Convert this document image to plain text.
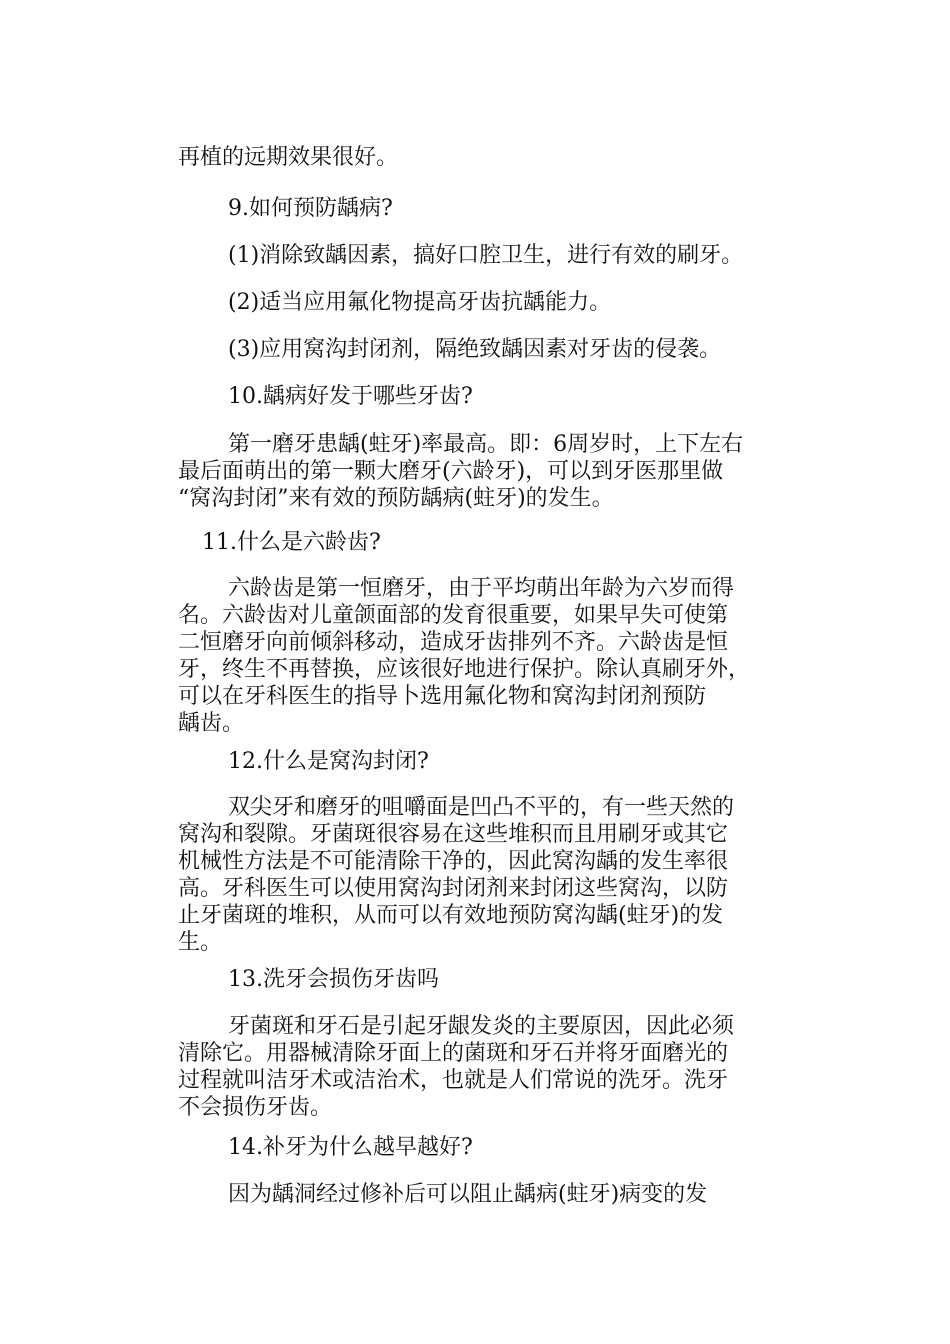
再植的远期效果很好。
9.如何预防龋病?
(1)消除致龋因素，搞好口腔卫生，进行有效的刷牙。
(2)适当应用氟化物提高牙齿抗龋能力。
(3)应用窝沟封闭剂，隔绝致龋因素对牙齿的侵袭。
10.龋病好发于哪些牙齿?
第一磨牙患龋(蛀牙)率最高。即：6周岁时，上下左右
最后面萌出的第一颗大磨牙(六龄牙)，可以到牙医那里做
“窝沟封闭”来有效的预防龋病(蛀牙)的发生。
11.什么是六龄齿?
六龄齿是第一恒磨牙，由于平均萌出年龄为六岁而得
名。六龄齿对儿童颌面部的发育很重要，如果早失可使第
二恒磨牙向前倾斜移动，造成牙齿排列不齐。六龄齿是恒
牙，终生不再替换，应该很好地进行保护。除认真刷牙外，
可以在牙科医生的指导卜选用氟化物和窝沟封闭剂预防
龋齿。
12.什么是窝沟封闭?
双尖牙和磨牙的咀嚼面是凹凸不平的，有一些天然的
窝沟和裂隙。牙菌斑很容易在这些堆积而且用刷牙或其它
机械性方法是不可能清除干净的，因此窝沟龋的发生率很
高。牙科医生可以使用窝沟封闭剂来封闭这些窝沟，以防
止牙菌斑的堆积，从而可以有效地预防窝沟龋(蛀牙)的发
生。
13.洗牙会损伤牙齿吗
牙菌斑和牙石是引起牙龈发炎的主要原因，因此必须
清除它。用器械清除牙面上的菌斑和牙石并将牙面磨光的
过程就叫洁牙术或洁治术，也就是人们常说的洗牙。洗牙
不会损伤牙齿。
14.补牙为什么越早越好?
因为龋洞经过修补后可以阻止龋病(蛀牙)病变的发
